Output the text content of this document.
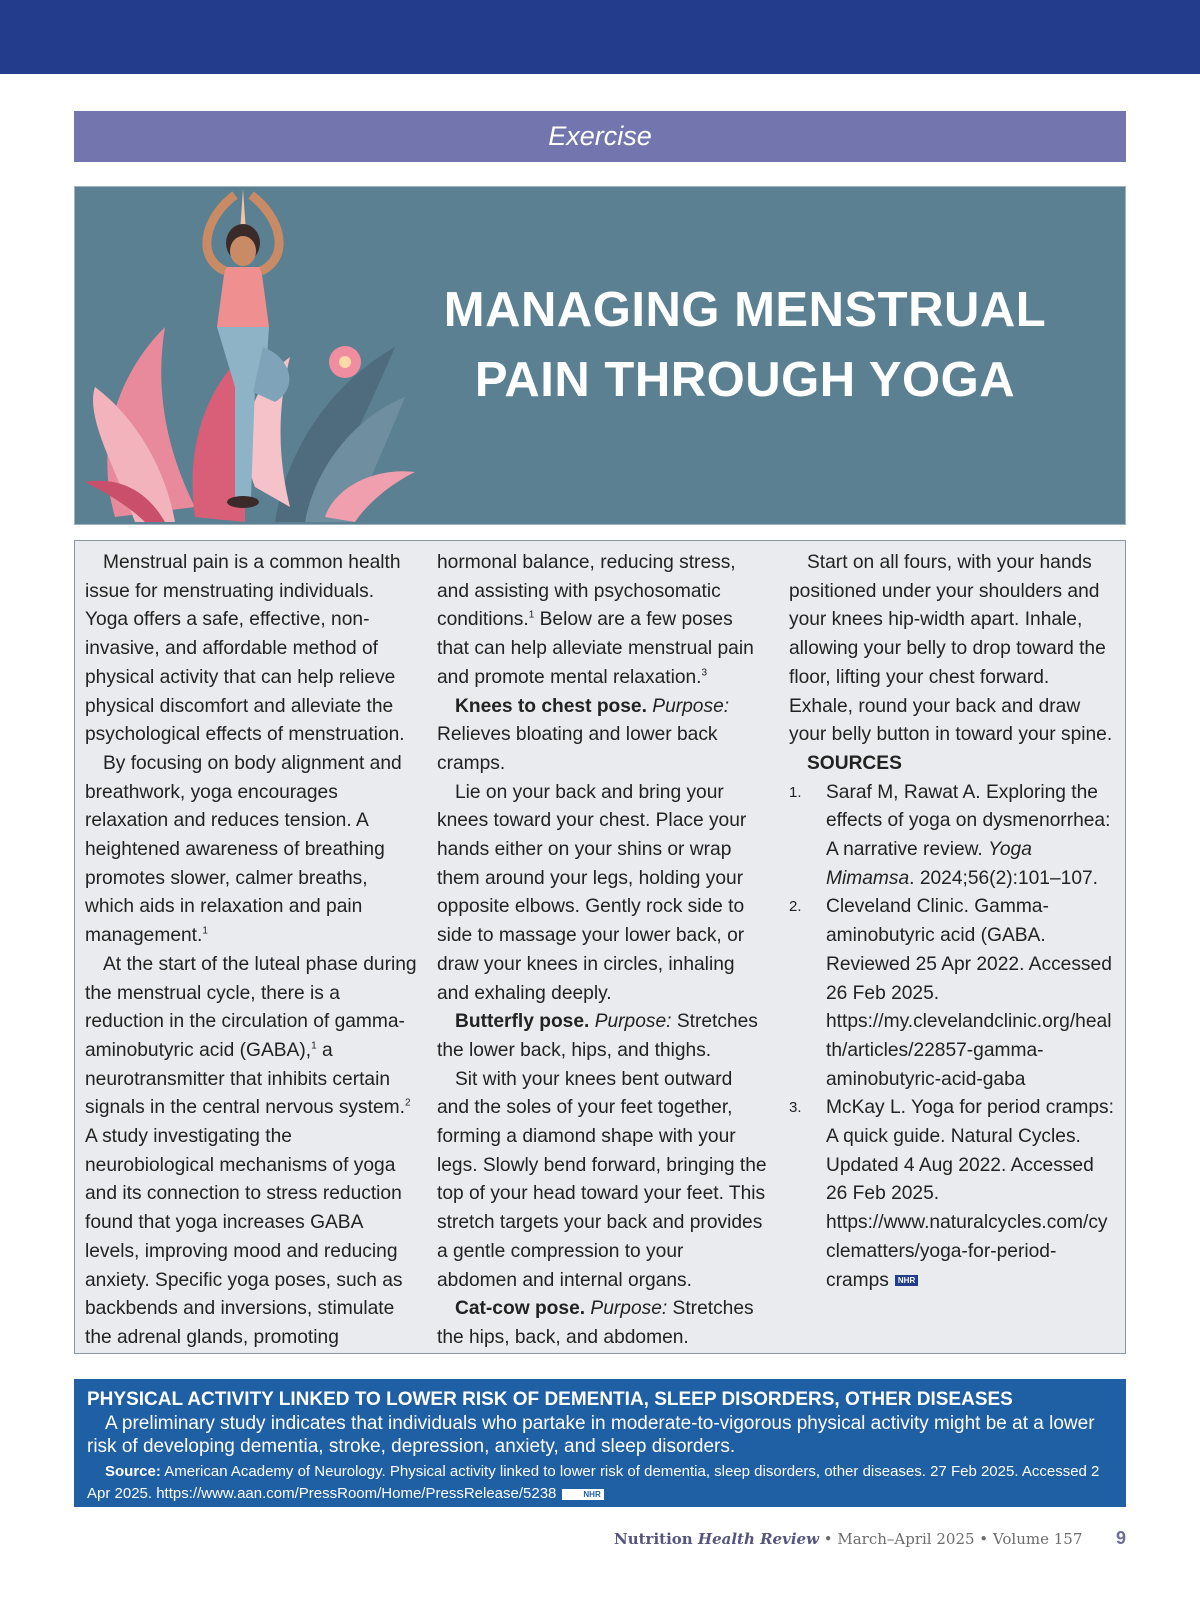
Exercise
MANAGING MENSTRUAL
PAIN THROUGH YOGA

Menstrual pain is a common health issue for menstruating individuals. Yoga offers a safe, effective, non-invasive, and affordable method of physical activity that can help relieve physical discomfort and alleviate the psychological effects of menstruation.

By focusing on body alignment and breathwork, yoga encourages relaxation and reduces tension. A heightened awareness of breathing promotes slower, calmer breaths, which aids in relaxation and pain management.$^1$

At the start of the luteal phase during the menstrual cycle, there is a reduction in the circulation of gamma-aminobutyric acid (GABA),$^1$ a neurotransmitter that inhibits certain signals in the central nervous system.$^2$ A study investigating the neurobiological mechanisms of yoga and its connection to stress reduction found that yoga increases GABA levels, improving mood and reducing anxiety. Specific yoga poses, such as backbends and inversions, stimulate the adrenal glands, promoting

hormonal balance, reducing stress, and assisting with psychosomatic conditions.$^1$ Below are a few poses that can help alleviate menstrual pain and promote mental relaxation.$^3$

Knees to chest pose. Purpose: Relieves bloating and lower back cramps.

Lie on your back and bring your knees toward your chest. Place your hands either on your shins or wrap them around your legs, holding your opposite elbows. Gently rock side to side to massage your lower back, or draw your knees in circles, inhaling and exhaling deeply.

Butterfly pose. Purpose: Stretches the lower back, hips, and thighs.

Sit with your knees bent outward and the soles of your feet together, forming a diamond shape with your legs. Slowly bend forward, bringing the top of your head toward your feet. This stretch targets your back and provides a gentle compression to your abdomen and internal organs.

Cat-cow pose. Purpose: Stretches the hips, back, and abdomen.

Start on all fours, with your hands positioned under your shoulders and your knees hip-width apart. Inhale, allowing your belly to drop toward the floor, lifting your chest forward. Exhale, round your back and draw your belly button in toward your spine.

SOURCES

1. Saraf M, Rawat A. Exploring the effects of yoga on dysmenorrhea: A narrative review. Yoga Mimamsa. 2024;56(2):101–107.
2. Cleveland Clinic. Gamma-aminobutyric acid (GABA. Reviewed 25 Apr 2022. Accessed 26 Feb 2025. https://my.clevelandclinic.org/health/articles/22857-gamma-aminobutyric-acid-gaba
3. McKay L. Yoga for period cramps: A quick guide. Natural Cycles. Updated 4 Aug 2022. Accessed 26 Feb 2025. https://www.naturalcycles.com/cyclematters/yoga-for-period-cramps NHR
PHYSICAL ACTIVITY LINKED TO LOWER RISK OF DEMENTIA, SLEEP DISORDERS, OTHER DISEASES
A preliminary study indicates that individuals who partake in moderate-to-vigorous physical activity might be at a lower risk of developing dementia, stroke, depression, anxiety, and sleep disorders.
Source: American Academy of Neurology. Physical activity linked to lower risk of dementia, sleep disorders, other diseases. 27 Feb 2025. Accessed 2 Apr 2025. https://www.aan.com/PressRoom/Home/PressRelease/5238	NHR
Nutrition Health Review • March–April 2025 • Volume 157 9
